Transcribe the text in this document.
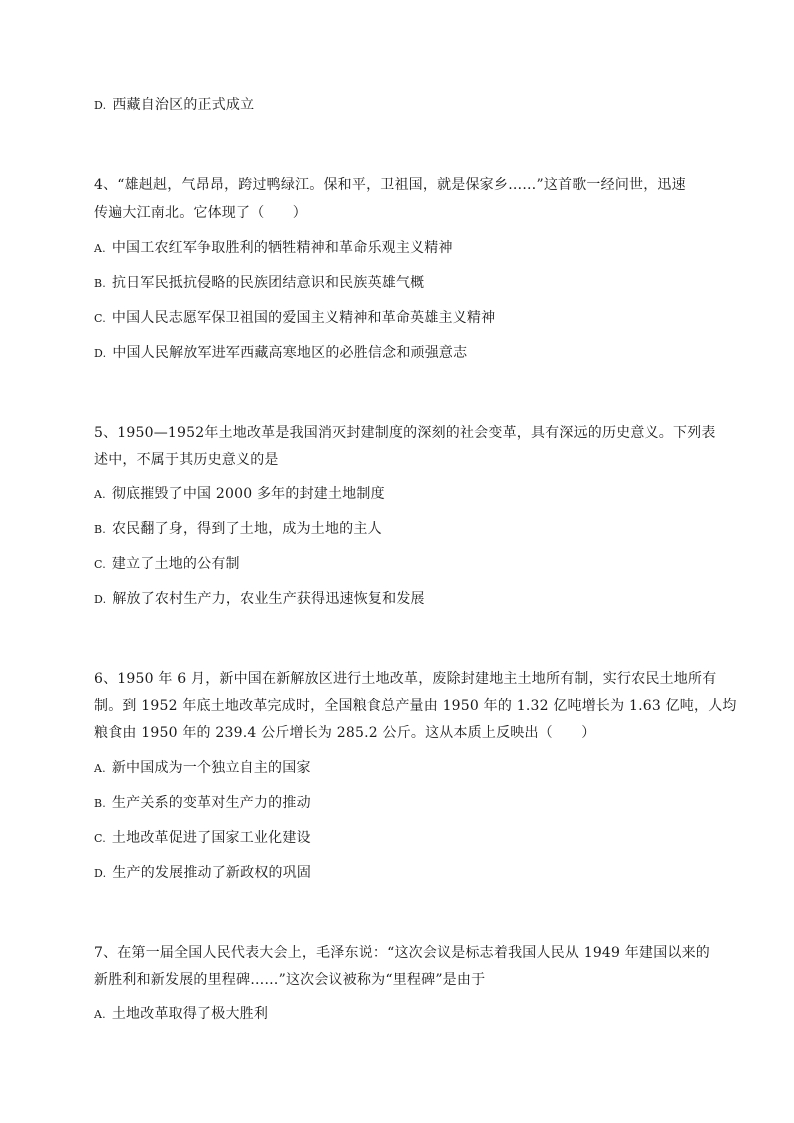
D. 西藏自治区的正式成立
4、“雄赳赳，气昂昂，跨过鸭绿江。保和平，卫祖国，就是保家乡……”这首歌一经问世，迅速
传遍大江南北。它体现了（　　）
A. 中国工农红军争取胜利的牺牲精神和革命乐观主义精神
B. 抗日军民抵抗侵略的民族团结意识和民族英雄气概
C. 中国人民志愿军保卫祖国的爱国主义精神和革命英雄主义精神
D. 中国人民解放军进军西藏高寒地区的必胜信念和顽强意志
5、1950—1952年土地改革是我国消灭封建制度的深刻的社会变革，具有深远的历史意义。下列表
述中，不属于其历史意义的是
A. 彻底摧毁了中国 2000 多年的封建土地制度
B. 农民翻了身，得到了土地，成为土地的主人
C. 建立了土地的公有制
D. 解放了农村生产力，农业生产获得迅速恢复和发展
6、1950 年 6 月，新中国在新解放区进行土地改革，废除封建地主土地所有制，实行农民土地所有
制。到 1952 年底土地改革完成时，全国粮食总产量由 1950 年的 1.32 亿吨增长为 1.63 亿吨，人均
粮食由 1950 年的 239.4 公斤增长为 285.2 公斤。这从本质上反映出（　　）
A. 新中国成为一个独立自主的国家
B. 生产关系的变革对生产力的推动
C. 土地改革促进了国家工业化建设
D. 生产的发展推动了新政权的巩固
7、在第一届全国人民代表大会上，毛泽东说：“这次会议是标志着我国人民从 1949 年建国以来的
新胜利和新发展的里程碑……”这次会议被称为“里程碑”是由于
A. 土地改革取得了极大胜利
